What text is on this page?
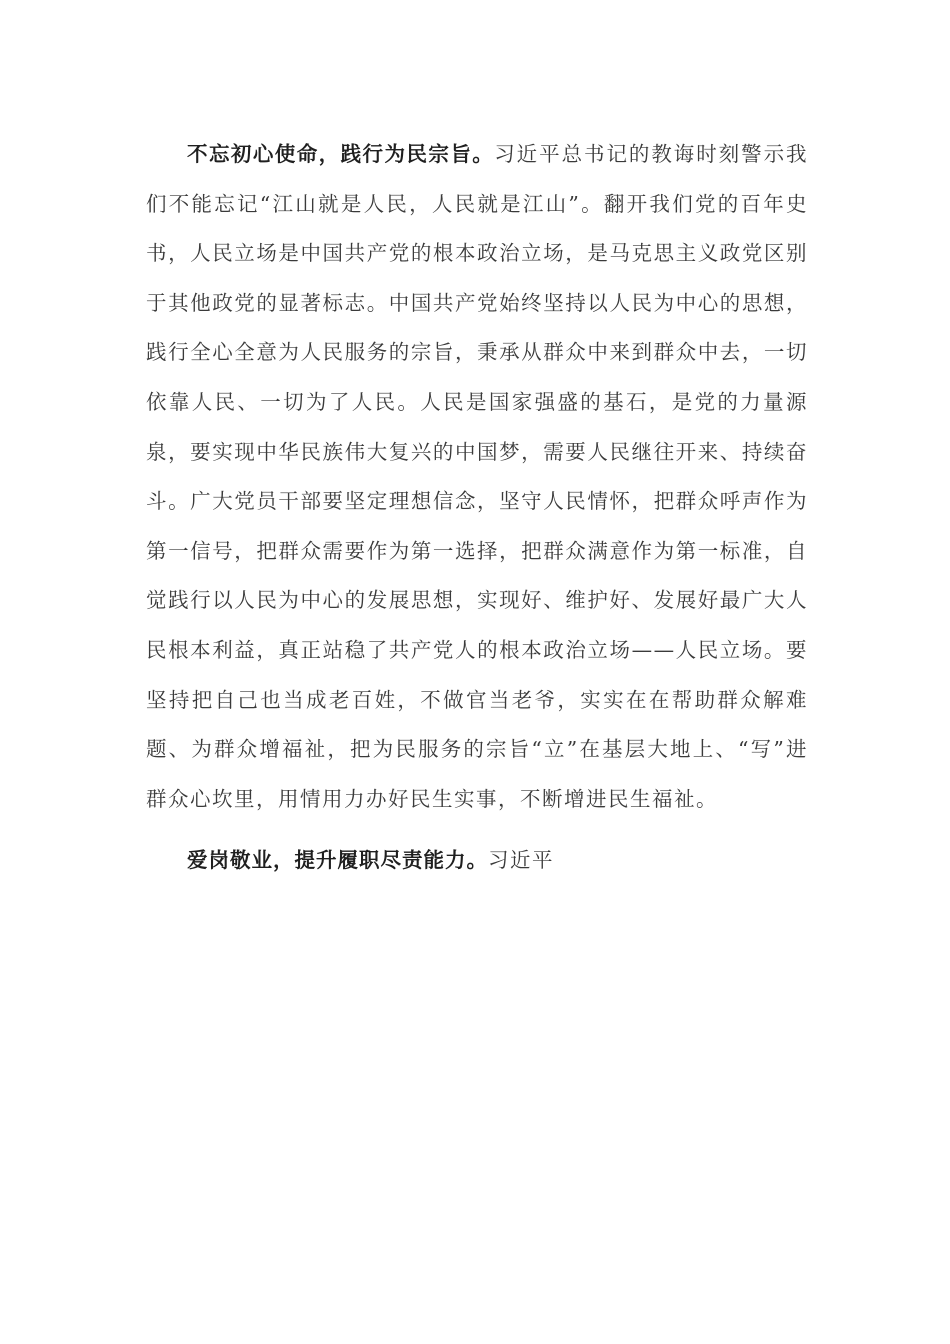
不忘初心使命，践行为民宗旨。习近平总书记的教诲时刻警示我们不能忘记“江山就是人民，人民就是江山”。翻开我们党的百年史书，人民立场是中国共产党的根本政治立场，是马克思主义政党区别于其他政党的显著标志。中国共产党始终坚持以人民为中心的思想，践行全心全意为人民服务的宗旨，秉承从群众中来到群众中去，一切依靠人民、一切为了人民。人民是国家强盛的基石，是党的力量源泉，要实现中华民族伟大复兴的中国梦，需要人民继往开来、持续奋斗。广大党员干部要坚定理想信念，坚守人民情怀，把群众呼声作为第一信号，把群众需要作为第一选择，把群众满意作为第一标准，自觉践行以人民为中心的发展思想，实现好、维护好、发展好最广大人民根本利益，真正站稳了共产党人的根本政治立场——人民立场。要坚持把自己也当成老百姓，不做官当老爷，实实在在帮助群众解难题、为群众增福祉，把为民服务的宗旨“立”在基层大地上、“写”进群众心坎里，用情用力办好民生实事，不断增进民生福祉。

爱岗敬业，提升履职尽责能力。习近平
